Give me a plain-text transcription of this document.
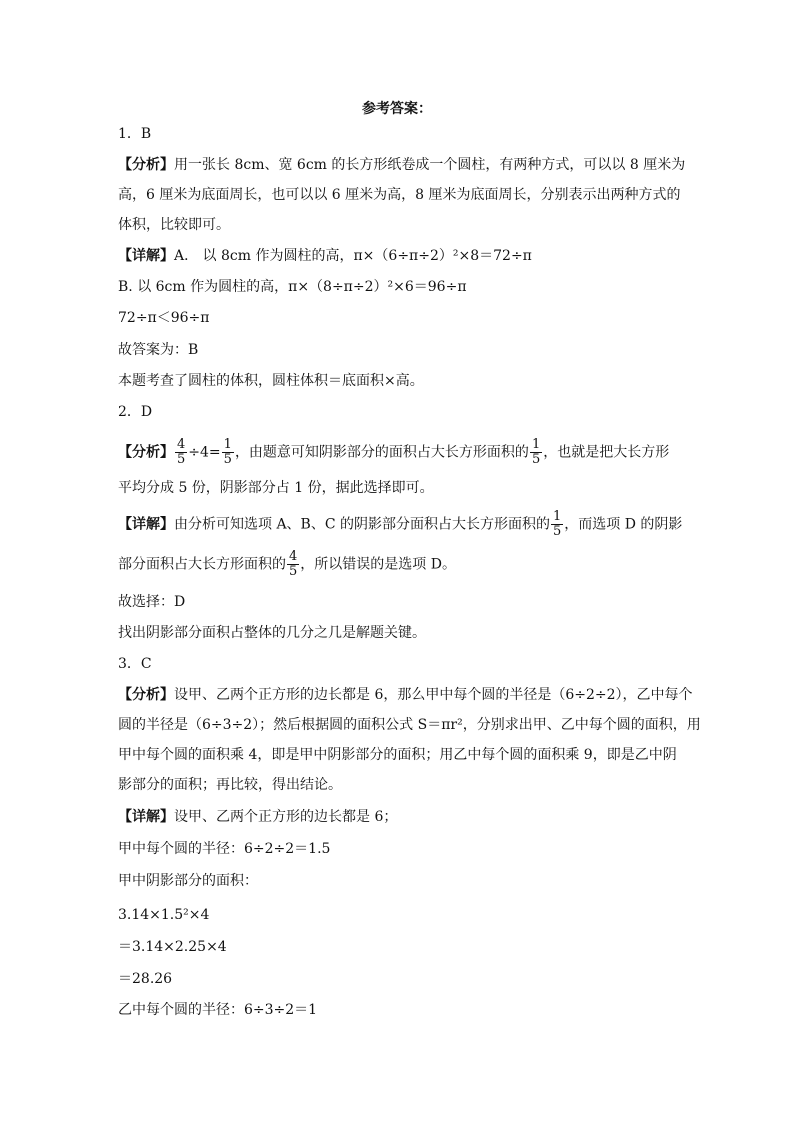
参考答案：
1．B
【分析】用一张长 8cm、宽 6cm 的长方形纸卷成一个圆柱，有两种方式，可以以 8 厘米为
高，6 厘米为底面周长，也可以以 6 厘米为高，8 厘米为底面周长，分别表示出两种方式的
体积，比较即可。
【详解】A． 以 8cm 作为圆柱的高，π×（6÷π÷2）²×8＝72÷π
B. 以 6cm 作为圆柱的高，π×（8÷π÷2）²×6＝96÷π
72÷π＜96÷π
故答案为：B
本题考查了圆柱的体积，圆柱体积＝底面积×高。
2．D
【分析】 $\frac{4}{5} \div 4= \frac{1}{5}$ ，由题意可知阴影部分的面积占大长方形面积的 $\frac{1}{5}$ ，也就是把大长方形
平均分成 5 份，阴影部分占 1 份，据此选择即可。
【详解】由分析可知选项 A、B、C 的阴影部分面积占大长方形面积的 $\frac{1}{5}$ ，而选项 D 的阴影
部分面积占大长方形面积的 $\frac{4}{5}$ ，所以错误的是选项 D。
故选择：D
找出阴影部分面积占整体的几分之几是解题关键。
3．C
【分析】设甲、乙两个正方形的边长都是 6，那么甲中每个圆的半径是（6÷2÷2），乙中每个
圆的半径是（6÷3÷2）；然后根据圆的面积公式 S＝πr²，分别求出甲、乙中每个圆的面积，用
甲中每个圆的面积乘 4，即是甲中阴影部分的面积；用乙中每个圆的面积乘 9，即是乙中阴
影部分的面积；再比较，得出结论。
【详解】设甲、乙两个正方形的边长都是 6；
甲中每个圆的半径：6÷2÷2＝1.5
甲中阴影部分的面积：
3.14×1.5²×4
＝3.14×2.25×4
＝28.26
乙中每个圆的半径：6÷3÷2＝1
